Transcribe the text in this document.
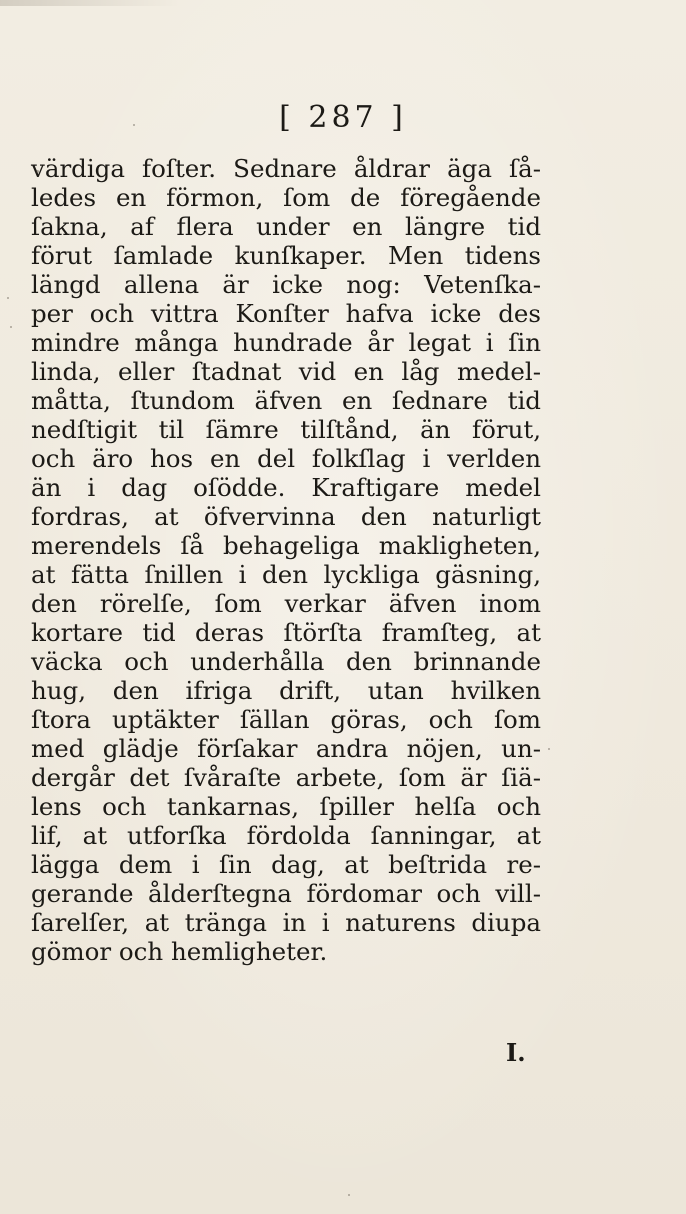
[ 287 ]
värdiga foſter. Sednare åldrar äga ſå-
ledes en förmon, ſom de föregående
ſakna, af flera under en längre tid
förut ſamlade kunſkaper. Men tidens
längd allena är icke nog: Vetenſka-
per och vittra Konſter hafva icke des
mindre många hundrade år legat i ſin
linda, eller ſtadnat vid en låg medel-
måtta, ſtundom äfven en ſednare tid
nedſtigit til ſämre tilſtånd, än förut,
och äro hos en del folkſlag i verlden
än i dag oſödde. Kraftigare medel
fordras, at öfvervinna den naturligt
merendels ſå behageliga makligheten,
at fätta ſnillen i den lyckliga gäsning,
den rörelſe, ſom verkar äfven inom
kortare tid deras ſtörſta framſteg, at
väcka och underhålla den brinnande
hug, den ifriga drift, utan hvilken
ſtora uptäkter ſällan göras, och ſom
med glädje förſakar andra nöjen, un-
dergår det ſvåraſte arbete, ſom är ſiä-
lens och tankarnas, ſpiller helſa och
lif, at utforſka fördolda ſanningar, at
lägga dem i ſin dag, at beſtrida re-
gerande ålderſtegna fördomar och vill-
ſarelſer, at tränga in i naturens diupa
gömor och hemligheter.
I.
